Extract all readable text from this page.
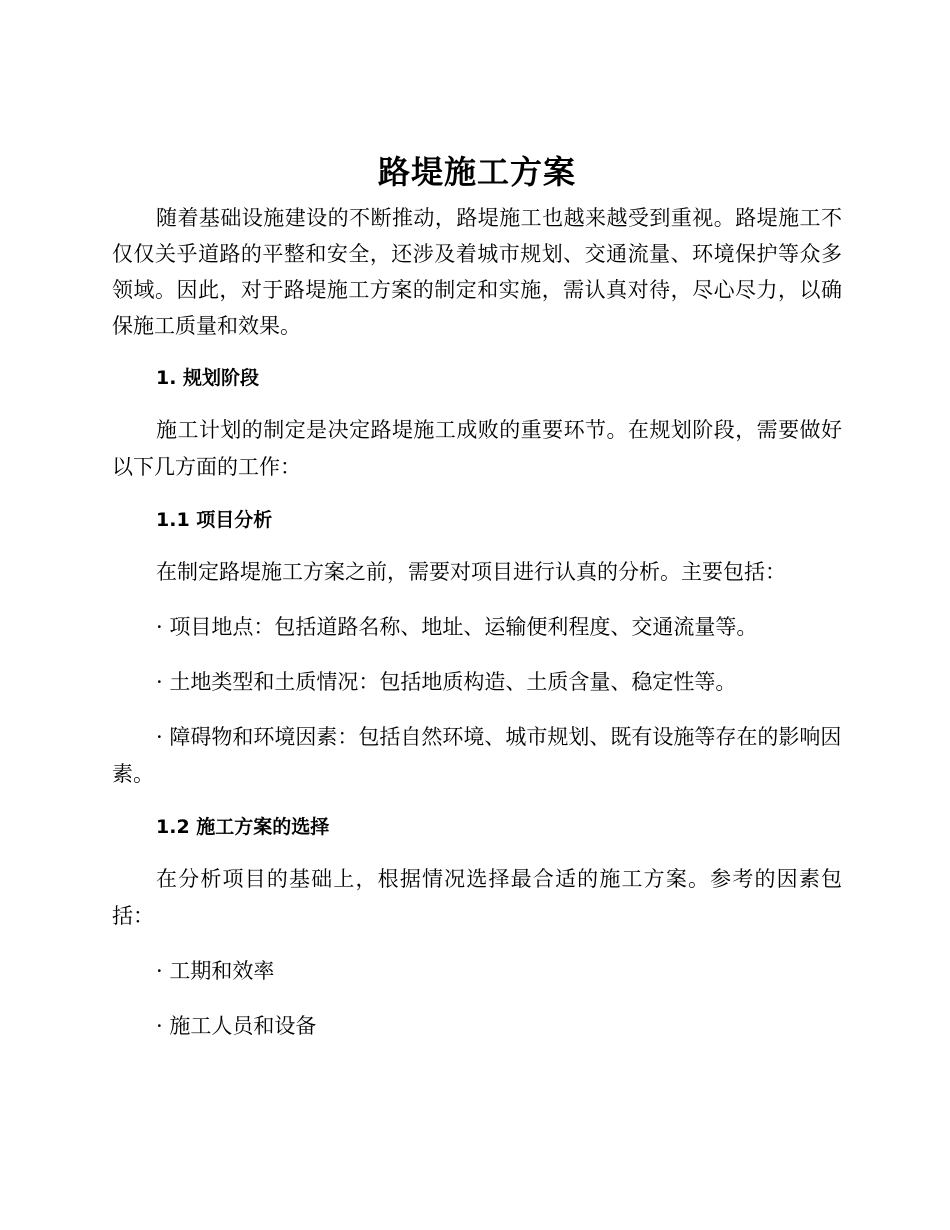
路堤施工方案

随着基础设施建设的不断推动，路堤施工也越来越受到重视。路堤施工不仅仅关乎道路的平整和安全，还涉及着城市规划、交通流量、环境保护等众多领域。因此，对于路堤施工方案的制定和实施，需认真对待，尽心尽力，以确保施工质量和效果。

1. 规划阶段

施工计划的制定是决定路堤施工成败的重要环节。在规划阶段，需要做好以下几方面的工作：

1.1 项目分析

在制定路堤施工方案之前，需要对项目进行认真的分析。主要包括：

· 项目地点：包括道路名称、地址、运输便利程度、交通流量等。

· 土地类型和土质情况：包括地质构造、土质含量、稳定性等。

· 障碍物和环境因素：包括自然环境、城市规划、既有设施等存在的影响因素。

1.2 施工方案的选择

在分析项目的基础上，根据情况选择最合适的施工方案。参考的因素包括：

· 工期和效率

· 施工人员和设备
